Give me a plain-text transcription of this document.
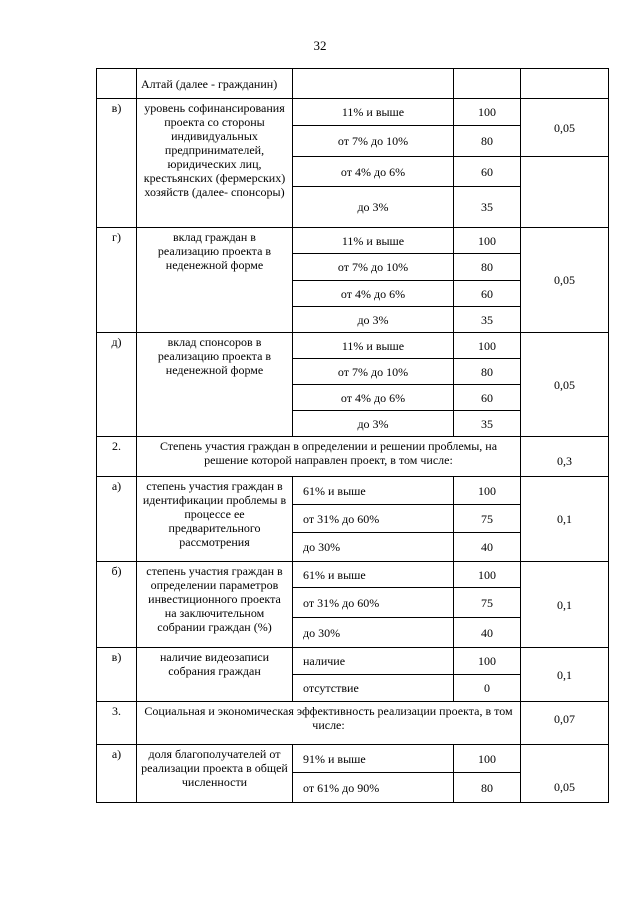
32
	Алтай (далее - гражданин)			
в)	уровень софинансирования проекта со стороны индивидуальных предпринимателей, юридических лиц, крестьянских (фермерских) хозяйств (далее- спонсоры)	11% и выше	100	0,05
		от 7% до 10%	80	
		от 4% до 6%	60	
		до 3%	35	
г)	вклад граждан в реализацию проекта в неденежной форме	11% и выше	100	0,05
		от 7% до 10%	80	
		от 4% до 6%	60	
		до 3%	35	
д)	вклад спонсоров в реализацию проекта в неденежной форме	11% и выше	100	0,05
		от 7% до 10%	80	
		от 4% до 6%	60	
		до 3%	35	
2.	Степень участия граждан в определении и решении проблемы, на решение которой направлен проект, в том числе:			0,3
а)	степень участия граждан в идентификации проблемы в процессе ее предварительного рассмотрения	61% и выше	100	0,1
		от 31% до 60%	75	
		до 30%	40	
б)	степень участия граждан в определении параметров инвестиционного проекта на заключительном собрании граждан (%)	61% и выше	100	0,1
		от 31% до 60%	75	
		до 30%	40	
в)	наличие видеозаписи собрания граждан	наличие	100	0,1
		отсутствие	0	
3.	Социальная и экономическая эффективность реализации проекта, в том числе:			0,07
а)	доля благополучателей от реализации проекта в общей численности	91% и выше	100	0,05
		от 61% до 90%	80	
